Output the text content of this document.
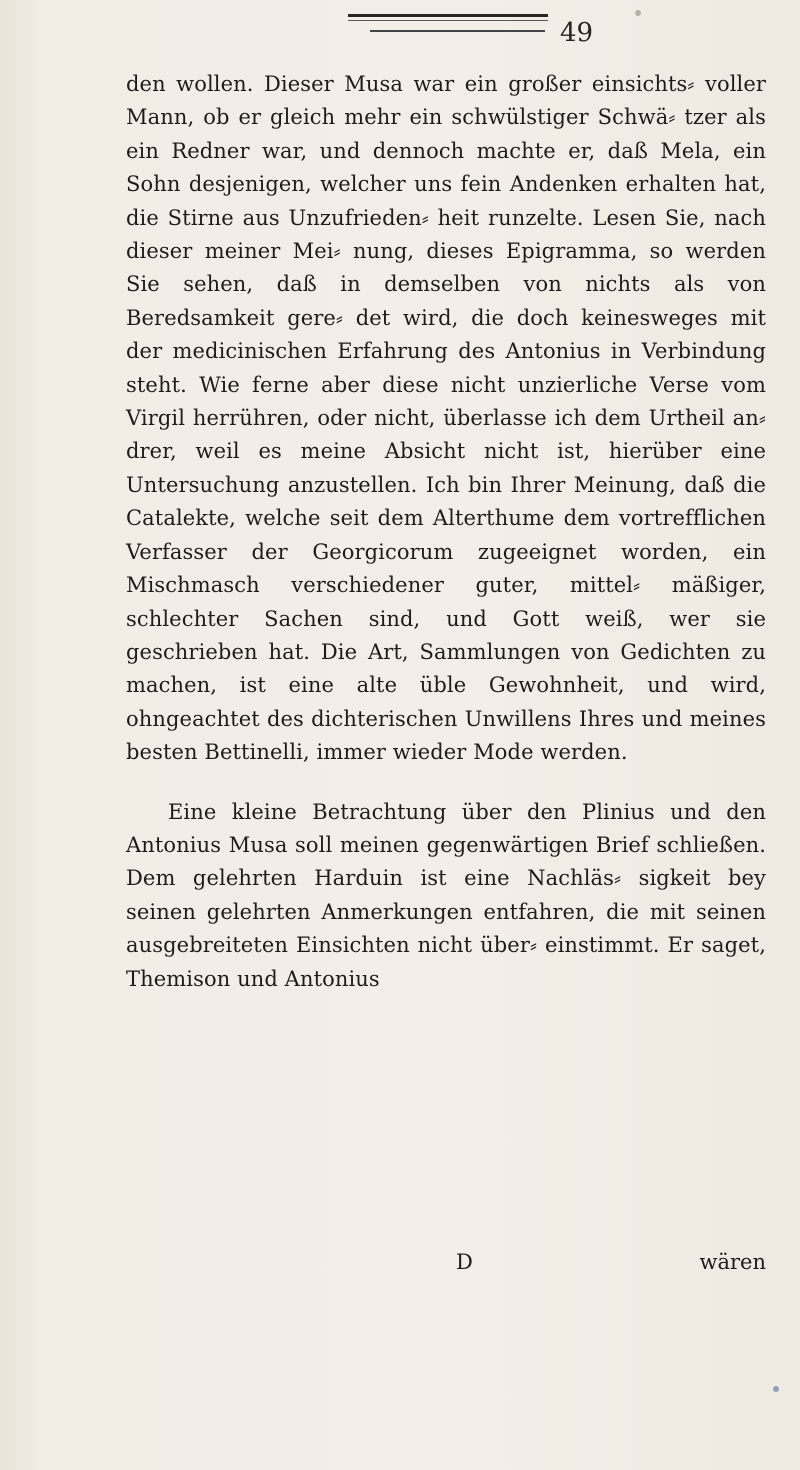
49

den wollen. Dieser Musa war ein großer einsichts⸗ voller Mann, ob er gleich mehr ein schwülstiger Schwä⸗ tzer als ein Redner war, und dennoch machte er, daß Mela, ein Sohn desjenigen, welcher uns fein Andenken erhalten hat, die Stirne aus Unzufrieden⸗ heit runzelte. Lesen Sie, nach dieser meiner Mei⸗ nung, dieses Epigramma, so werden Sie sehen, daß in demselben von nichts als von Beredsamkeit gere⸗ det wird, die doch keinesweges mit der medicinischen Erfahrung des Antonius in Verbindung steht. Wie ferne aber diese nicht unzierliche Verse vom Virgil herrühren, oder nicht, überlasse ich dem Urtheil an⸗ drer, weil es meine Absicht nicht ist, hierüber eine Untersuchung anzustellen. Ich bin Ihrer Meinung, daß die Catalekte, welche seit dem Alterthume dem vortrefflichen Verfasser der Georgicorum zugeeignet worden, ein Mischmasch verschiedener guter, mittel⸗ mäßiger, schlechter Sachen sind, und Gott weiß, wer sie geschrieben hat. Die Art, Sammlungen von Gedichten zu machen, ist eine alte üble Gewohnheit, und wird, ohngeachtet des dichterischen Unwillens Ihres und meines besten Bettinelli, immer wieder Mode werden.

Eine kleine Betrachtung über den Plinius und den Antonius Musa soll meinen gegenwärtigen Brief schließen. Dem gelehrten Harduin ist eine Nachläs⸗ sigkeit bey seinen gelehrten Anmerkungen entfahren, die mit seinen ausgebreiteten Einsichten nicht über⸗ einstimmt. Er saget, Themison und Antonius

D	wären
